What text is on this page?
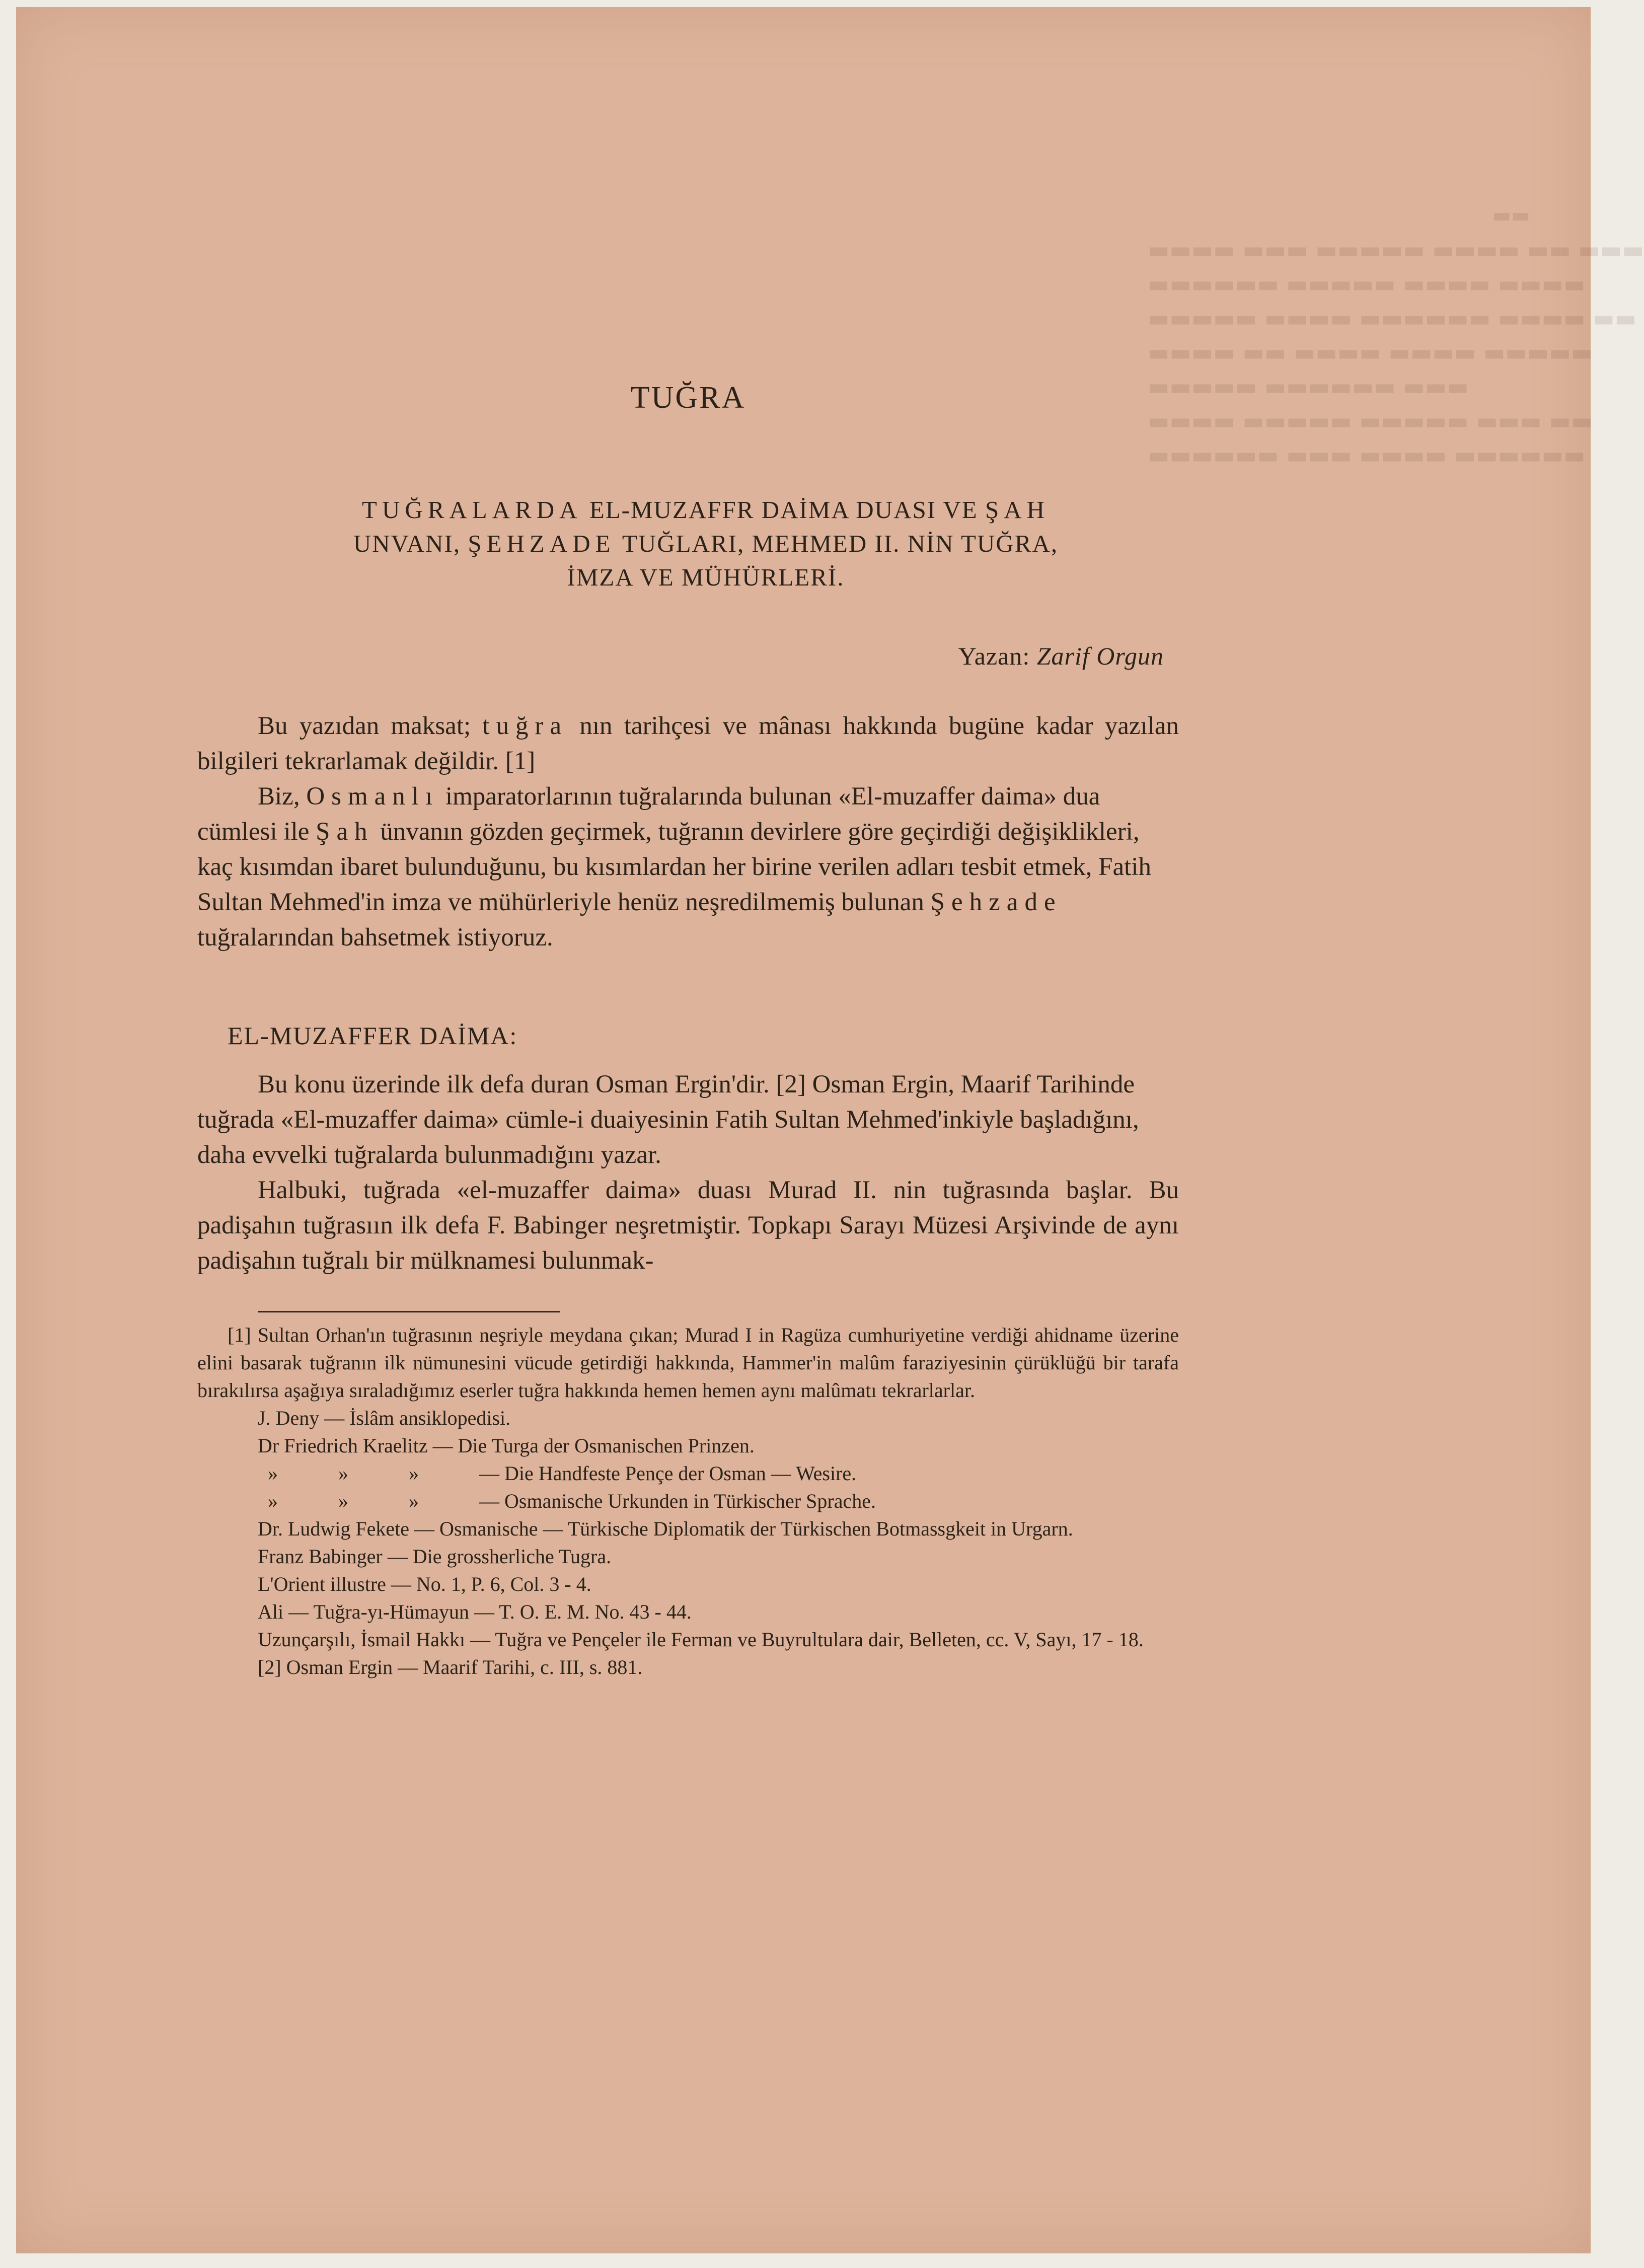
▬▬

▬▬▬▬ ▬▬▬ ▬▬▬▬▬ ▬▬▬▬ ▬▬ ▬▬▬

▬▬▬▬▬▬ ▬▬▬▬▬ ▬▬▬▬ ▬▬▬▬

▬▬▬▬▬ ▬▬▬▬ ▬▬▬▬▬▬ ▬▬▬▬ ▬▬

▬▬▬▬ ▬▬ ▬▬▬▬ ▬▬▬▬ ▬▬▬▬▬

▬▬▬▬▬ ▬▬▬▬▬▬ ▬▬▬

▬▬▬▬ ▬▬▬▬▬ ▬▬▬▬▬ ▬▬▬ ▬▬

▬▬▬▬▬▬ ▬▬▬ ▬▬▬▬ ▬▬▬▬▬▬

TUĞRA
TUĞRALARDA EL-MUZAFFR DAİMA DUASI VE ŞAH
UNVANI, ŞEHZADE TUĞLARI, MEHMED II. NİN TUĞRA,
İMZA VE MÜHÜRLERİ.
Yazan: Zarif Orgun

Bu yazıdan maksat; tuğra nın tarihçesi ve mânası hakkında bugüne kadar yazılan bilgileri tekrarlamak değildir. [1]

Biz, Osmanlı imparatorlarının tuğralarında bulunan «El-muzaffer daima» dua cümlesi ile Şah ünvanın gözden geçirmek, tuğranın devirlere göre geçirdiği değişiklikleri, kaç kısımdan ibaret bulunduğunu, bu kısımlardan her birine verilen adları tesbit etmek, Fatih Sultan Mehmed'in imza ve mühürleriyle henüz neşredilmemiş bulunan Şehzade tuğralarından bahsetmek istiyoruz.

EL-MUZAFFER DAİMA:

Bu konu üzerinde ilk defa duran Osman Ergin'dir. [2] Osman Ergin, Maarif Tarihinde tuğrada «El-muzaffer daima» cümle-i duaiyesinin Fatih Sultan Mehmed'inkiyle başladığını, daha evvelki tuğralarda bulunmadığını yazar.

Halbuki, tuğrada «el-muzaffer daima» duası Murad II. nin tuğrasında başlar. Bu padişahın tuğrasıın ilk defa F. Babinger neşretmiştir. Topkapı Sarayı Müzesi Arşivinde de aynı padişahın tuğralı bir mülknamesi bulunmak-

[1] Sultan Orhan'ın tuğrasının neşriyle meydana çıkan; Murad I in Ragüza cumhuriyetine verdiği ahidname üzerine elini basarak tuğranın ilk nümunesini vücude getirdiği hakkında, Hammer'in malûm faraziyesinin çürüklüğü bir tarafa bırakılırsa aşağıya sıraladığımız eserler tuğra hakkında hemen hemen aynı malûmatı tekrarlarlar.

J. Deny — İslâm ansiklopedisi.

Dr Friedrich Kraelitz — Die Turga der Osmanischen Prinzen.

»	»	»	— Die Handfeste Pençe der Osman — Wesire.

»	»	»	— Osmanische Urkunden in Türkischer Sprache.

Dr. Ludwig Fekete — Osmanische — Türkische Diplomatik der Türkischen Botmassgkeit in Urgarn.

Franz Babinger — Die grossherliche Tugra.

L'Orient illustre — No. 1, P. 6, Col. 3 - 4.

Ali — Tuğra-yı-Hümayun — T. O. E. M. No. 43 - 44.

Uzunçarşılı, İsmail Hakkı — Tuğra ve Pençeler ile Ferman ve Buyrultulara dair, Belleten, cc. V, Sayı, 17 - 18.

[2] Osman Ergin — Maarif Tarihi, c. III, s. 881.
